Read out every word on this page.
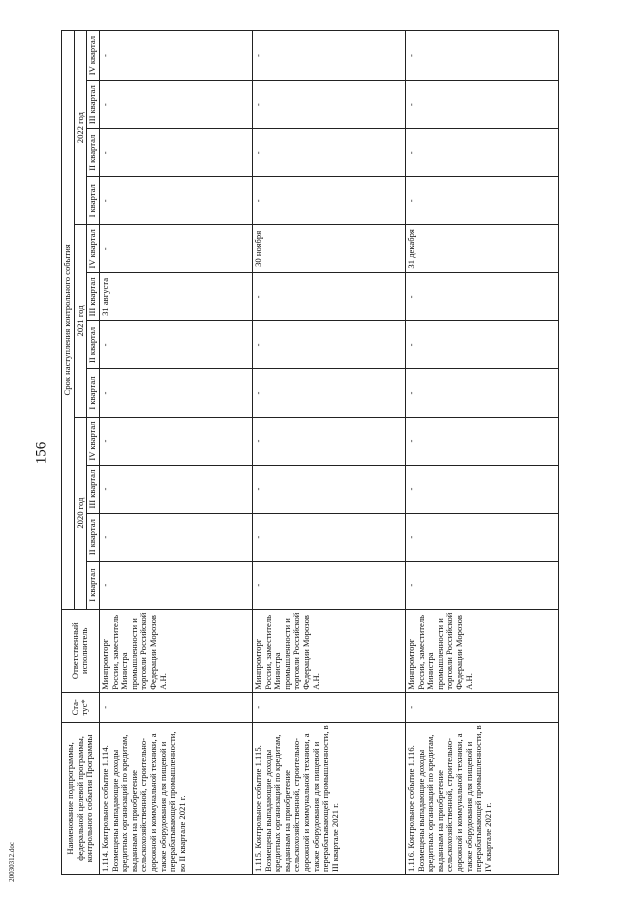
156
20030312.doc
Наименование подпрограммы, федеральной целевой программы, контрольного события Программы	Ста-тус*	Ответственный исполнитель	Срок наступления контрольного события											
			2020 год				2021 год				2022 год			
			I квартал	II квартал	III квартал	IV квартал	I квартал	II квартал	III квартал	IV квартал	I квартал	II квартал	III квартал	IV квартал
1.114. Контрольное событие 1.114. Возмещены выпадающие доходы кредитных организаций по кредитам, выданным на приобретение сельскохозяйственной, строительно-дорожной и коммунальной техники, а также оборудования для пищевой и перерабатывающей промышленности, во II квартале 2021 г.	-	Минпромторг России, заместитель Министра промышленности и торговли Российской Федерации Морозов А.Н.	-	-	-	-	-	-	31 августа	-	-	-	-	-
1.115. Контрольное событие 1.115. Возмещены выпадающие доходы кредитных организаций по кредитам, выданным на приобретение сельскохозяйственной, строительно-дорожной и коммунальной техники, а также оборудования для пищевой и перерабатывающей промышленности, в III квартале 2021 г.	-	Минпромторг России, заместитель Министра промышленности и торговли Российской Федерации Морозов А.Н.	-	-	-	-	-	-	-	30 ноября	-	-	-	-
1.116. Контрольное событие 1.116. Возмещены выпадающие доходы кредитных организаций по кредитам, выданным на приобретение сельскохозяйственной, строительно-дорожной и коммунальной техники, а также оборудования для пищевой и перерабатывающей промышленности, в IV квартале 2021 г.	-	Минпромторг России, заместитель Министра промышленности и торговли Российской Федерации Морозов А.Н.	-	-	-	-	-	-	-	31 декабря	-	-	-	-
